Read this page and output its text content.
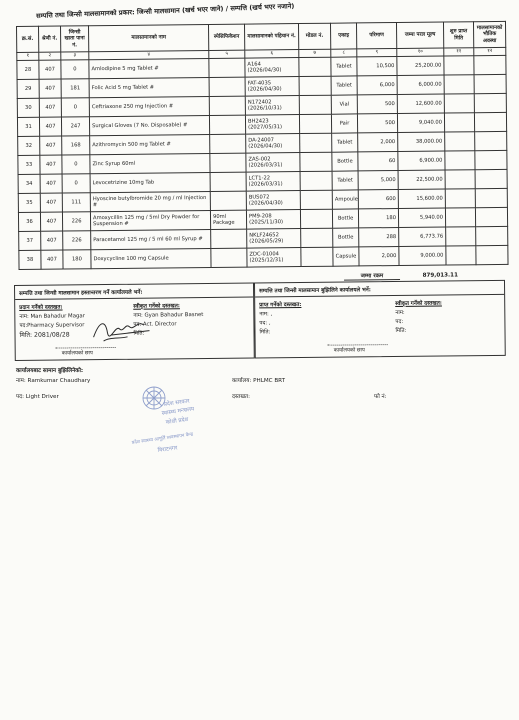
सम्पत्ति तथा जिन्सी मालसामानको प्रकार: जिन्सी मालसामान (खर्च भएर जाने) / सम्पत्ति (खर्च भएर नजाने)
क्र.सं.	श्रेणी नं.	जिन्सी खाता पाना नं.	मालसामानको नाम	स्पेसिफिकेशन	मालसामानको पहिचान नं.	मोडल नं.	एकाइ	परिमाण	जम्मा परल मूल्य	शुरु प्राप्त मिति	मालसामानको भौतिक अवस्था
१	२	३	४	५	६	७	८	९	१०	११	१२
28	407	0	Amlodipine 5 mg Tablet #		A164 (2026/04/30)		Tablet	10,500	25,200.00		
29	407	181	Folic Acid 5 mg Tablet #		FAT-4035 (2026/04/30)		Tablet	6,000	6,000.00		
30	407	0	Ceftriaxone 250 mg Injection #		N172402 (2026/10/31)		Vial	500	12,600.00		
31	407	247	Surgical Gloves (7 No. Disposable) #		BH2423 (2027/05/31)		Pair	500	9,040.00		
32	407	168	Azithromycin 500 mg Tablet #		DA-24007 (2026/04/30)		Tablet	2,000	38,000.00		
33	407	0	Zinc Syrup 60ml		ZAS-002 (2026/03/31)		Bottle	60	6,900.00		
34	407	0	Levocetrizine 10mg Tab		LCT1-22 (2026/03/31)		Tablet	5,000	22,500.00		
35	407	111	Hyoscine butylbromide 20 mg / ml Injection #		BUS072 (2026/04/30)		Ampoule	600	15,600.00		
36	407	226	Amoxycillin 125 mg / 5ml Dry Powder for Suspension #	90ml Package	PM9-208 (2025/11/30)		Bottle	180	5,940.00		
37	407	226	Paracetamol 125 mg / 5 ml 60 ml Syrup #		NKLF24652 (2026/05/29)		Bottle	288	6,773.76		
38	407	180	Doxycycline 100 mg Capsule		ZDC-01004 (2025/12/31)		Capsule	2,000	9,000.00		
जम्मा रकम	879,013.11
सम्पत्ति तथा जिन्सी मालसामान हस्तान्तरण गर्ने कार्यालयले भर्ने:
प्रदान गर्नेको दस्तखत:
नाम: Man Bahadur Magar
पद:Pharmacy Supervisor
मिति: 2081/08/28
स्वीकृत गर्नेको दस्तखत:
नाम: Gyan Bahadur Basnet
पद: Act. Director
मिति:
कार्यालयको छाप
सम्पत्ति तथा जिन्सी मालसामान बुझिलिने कार्यालयले भर्ने:
प्राप्त गर्नेको दस्तखत:
नाम: ,
पद: ,
मिति:
स्वीकृत गर्नेको दस्तखत:
नाम:
पद:
मिति:
कार्यालयको छाप
कार्यालयबाट सामान बुझिलिनेको:
नाम: Ramkumar Chaudhary
पद: Light Driver
कार्यालय: PHLMC BRT
दस्तखत:	फो नं:
प्रदेश सरकार
स्वास्थ्य मन्त्रालय
कोशी प्रदेश
प्रदेश स्वास्थ्य आपूर्ति व्यवस्थापन केन्द्र
विराटनगर
